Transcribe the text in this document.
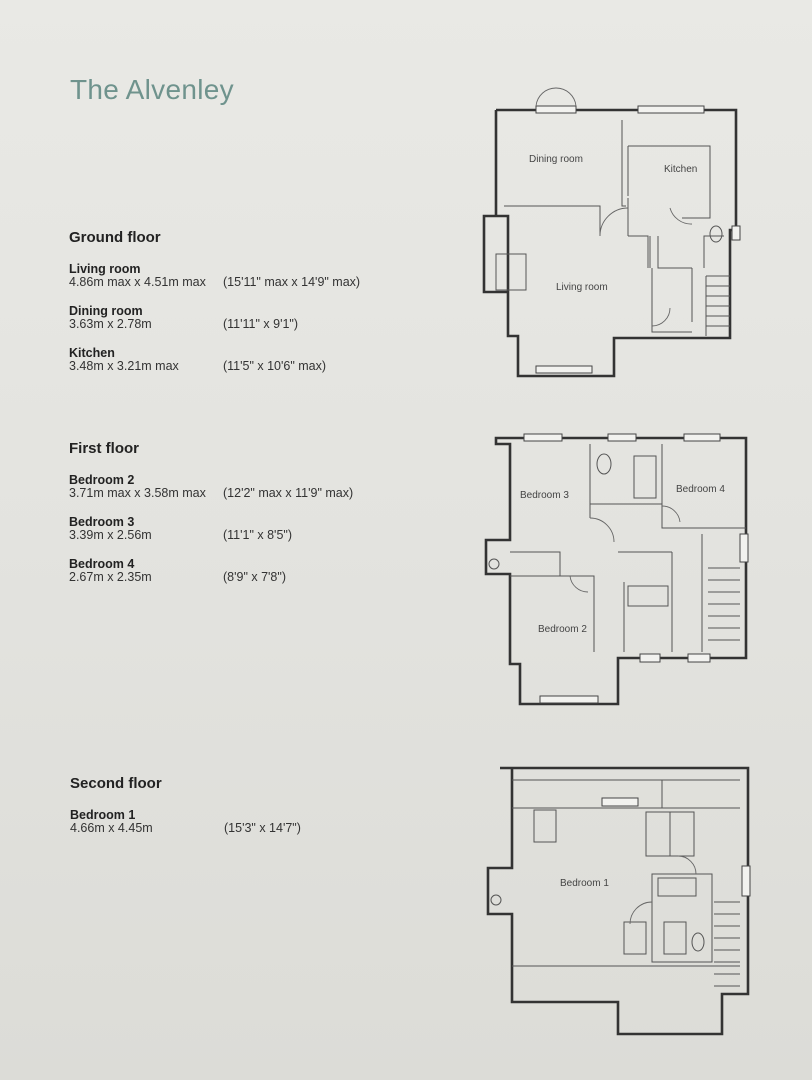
The Alvenley
Ground floor
Living room
4.86m max x 4.51m max (15'11" max x 14'9" max)
Dining room
3.63m x 2.78m	(11'11" x 9'1")
Kitchen
3.48m x 3.21m max	(11'5" x 10'6" max)
First floor
Bedroom 2
3.71m max x 3.58m max (12'2" max x 11'9" max)
Bedroom 3
3.39m x 2.56m	(11'1" x 8'5")
Bedroom 4
2.67m x 2.35m	(8'9" x 7'8")
Second floor
Bedroom 1
4.66m x 4.45m	(15'3" x 14'7")
Dining room
Kitchen
Living room
Bedroom 3
Bedroom 4
Bedroom 2
Bedroom 1
